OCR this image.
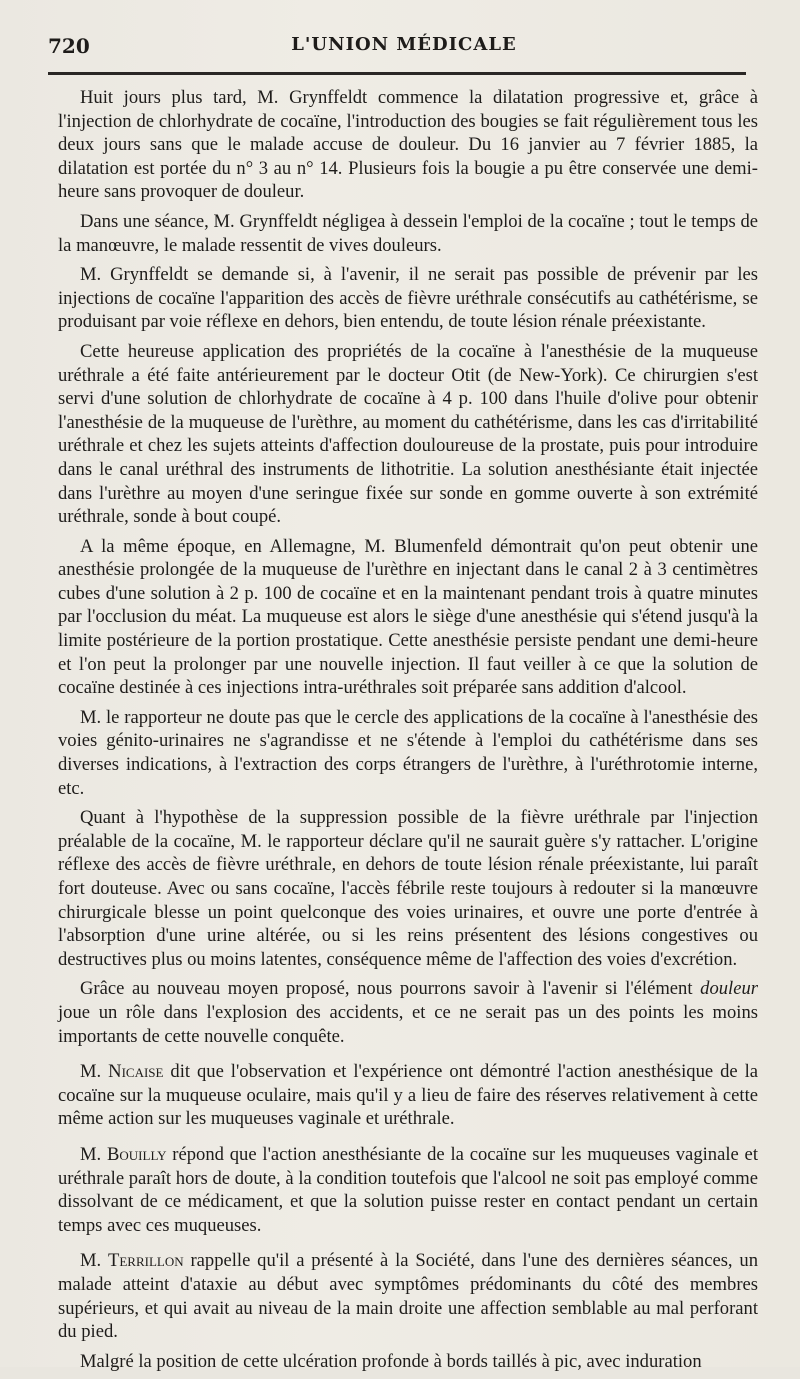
720	L'UNION MÉDICALE

Huit jours plus tard, M. Grynffeldt commence la dilatation progressive et, grâce à l'injection de chlorhydrate de cocaïne, l'introduction des bougies se fait régulièrement tous les deux jours sans que le malade accuse de douleur. Du 16 janvier au 7 février 1885, la dilatation est portée du n° 3 au n° 14. Plusieurs fois la bougie a pu être conservée une demi-heure sans provoquer de douleur.

Dans une séance, M. Grynffeldt négligea à dessein l'emploi de la cocaïne ; tout le temps de la manœuvre, le malade ressentit de vives douleurs.

M. Grynffeldt se demande si, à l'avenir, il ne serait pas possible de prévenir par les injections de cocaïne l'apparition des accès de fièvre uréthrale consécutifs au cathétérisme, se produisant par voie réflexe en dehors, bien entendu, de toute lésion rénale préexistante.

Cette heureuse application des propriétés de la cocaïne à l'anesthésie de la muqueuse uréthrale a été faite antérieurement par le docteur Otit (de New-York). Ce chirurgien s'est servi d'une solution de chlorhydrate de cocaïne à 4 p. 100 dans l'huile d'olive pour obtenir l'anesthésie de la muqueuse de l'urèthre, au moment du cathétérisme, dans les cas d'irritabilité uréthrale et chez les sujets atteints d'affection douloureuse de la prostate, puis pour introduire dans le canal uréthral des instruments de lithotritie. La solution anesthésiante était injectée dans l'urèthre au moyen d'une seringue fixée sur sonde en gomme ouverte à son extrémité uréthrale, sonde à bout coupé.

A la même époque, en Allemagne, M. Blumenfeld démontrait qu'on peut obtenir une anesthésie prolongée de la muqueuse de l'urèthre en injectant dans le canal 2 à 3 centimètres cubes d'une solution à 2 p. 100 de cocaïne et en la maintenant pendant trois à quatre minutes par l'occlusion du méat. La muqueuse est alors le siège d'une anesthésie qui s'étend jusqu'à la limite postérieure de la portion prostatique. Cette anesthésie persiste pendant une demi-heure et l'on peut la prolonger par une nouvelle injection. Il faut veiller à ce que la solution de cocaïne destinée à ces injections intra-uréthrales soit préparée sans addition d'alcool.

M. le rapporteur ne doute pas que le cercle des applications de la cocaïne à l'anesthésie des voies génito-urinaires ne s'agrandisse et ne s'étende à l'emploi du cathétérisme dans ses diverses indications, à l'extraction des corps étrangers de l'urèthre, à l'uréthrotomie interne, etc.

Quant à l'hypothèse de la suppression possible de la fièvre uréthrale par l'injection préalable de la cocaïne, M. le rapporteur déclare qu'il ne saurait guère s'y rattacher. L'origine réflexe des accès de fièvre uréthrale, en dehors de toute lésion rénale préexistante, lui paraît fort douteuse. Avec ou sans cocaïne, l'accès fébrile reste toujours à redouter si la manœuvre chirurgicale blesse un point quelconque des voies urinaires, et ouvre une porte d'entrée à l'absorption d'une urine altérée, ou si les reins présentent des lésions congestives ou destructives plus ou moins latentes, conséquence même de l'affection des voies d'excrétion.

Grâce au nouveau moyen proposé, nous pourrons savoir à l'avenir si l'élément douleur joue un rôle dans l'explosion des accidents, et ce ne serait pas un des points les moins importants de cette nouvelle conquête.

M. Nicaise dit que l'observation et l'expérience ont démontré l'action anesthésique de la cocaïne sur la muqueuse oculaire, mais qu'il y a lieu de faire des réserves relativement à cette même action sur les muqueuses vaginale et uréthrale.

M. Bouilly répond que l'action anesthésiante de la cocaïne sur les muqueuses vaginale et uréthrale paraît hors de doute, à la condition toutefois que l'alcool ne soit pas employé comme dissolvant de ce médicament, et que la solution puisse rester en contact pendant un certain temps avec ces muqueuses.

M. Terrillon rappelle qu'il a présenté à la Société, dans l'une des dernières séances, un malade atteint d'ataxie au début avec symptômes prédominants du côté des membres supérieurs, et qui avait au niveau de la main droite une affection semblable au mal perforant du pied.

Malgré la position de cette ulcération profonde à bords taillés à pic, avec induration
